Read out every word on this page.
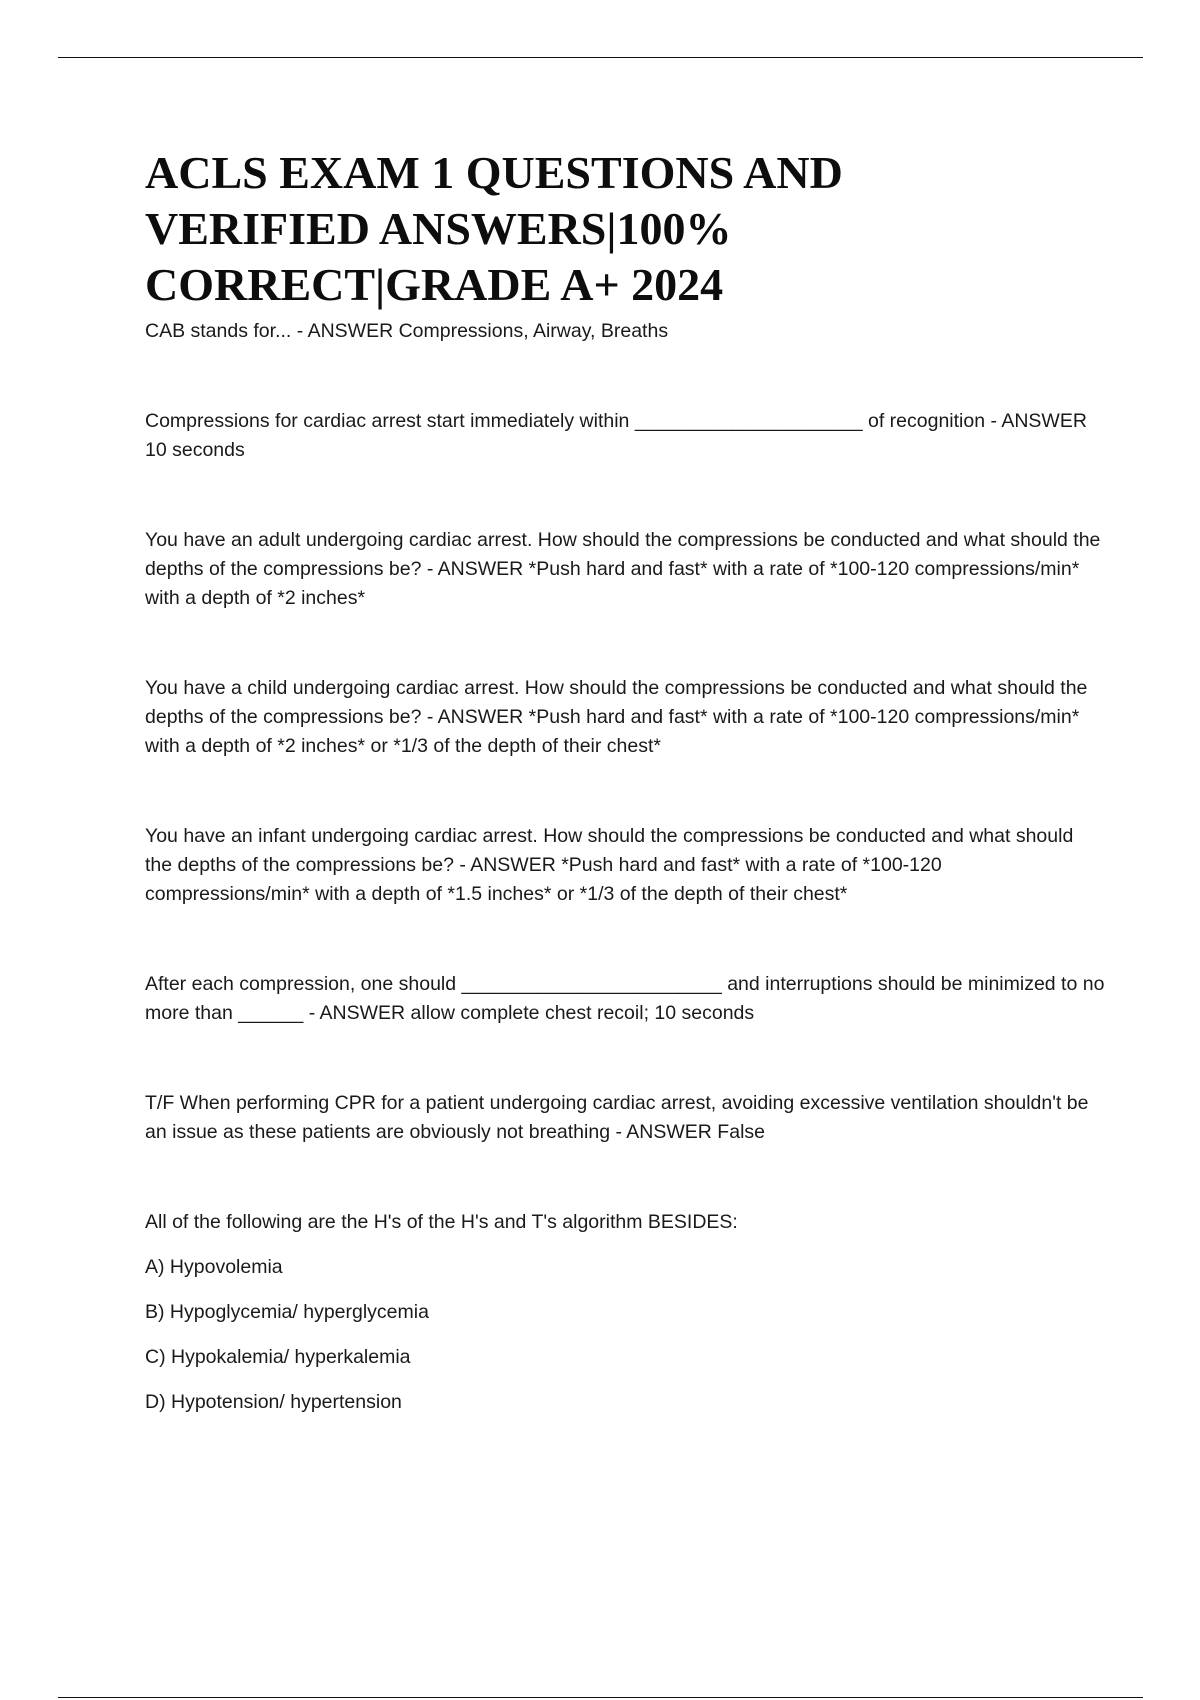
ACLS EXAM 1 QUESTIONS AND
VERIFIED ANSWERS|100%
CORRECT|GRADE A+ 2024

CAB stands for... - ANSWER Compressions, Airway, Breaths

Compressions for cardiac arrest start immediately within _____________________ of recognition - ANSWER 10 seconds

You have an adult undergoing cardiac arrest. How should the compressions be conducted and what should the depths of the compressions be? - ANSWER *Push hard and fast* with a rate of *100-120 compressions/min* with a depth of *2 inches*

You have a child undergoing cardiac arrest. How should the compressions be conducted and what should the depths of the compressions be? - ANSWER *Push hard and fast* with a rate of *100-120 compressions/min* with a depth of *2 inches* or *1/3 of the depth of their chest*

You have an infant undergoing cardiac arrest. How should the compressions be conducted and what should the depths of the compressions be? - ANSWER *Push hard and fast* with a rate of *100-120 compressions/min* with a depth of *1.5 inches* or *1/3 of the depth of their chest*

After each compression, one should ________________________ and interruptions should be minimized to no more than ______ - ANSWER allow complete chest recoil; 10 seconds

T/F When performing CPR for a patient undergoing cardiac arrest, avoiding excessive ventilation shouldn't be an issue as these patients are obviously not breathing - ANSWER False

All of the following are the H's of the H's and T's algorithm BESIDES:

A) Hypovolemia

B) Hypoglycemia/ hyperglycemia

C) Hypokalemia/ hyperkalemia

D) Hypotension/ hypertension
